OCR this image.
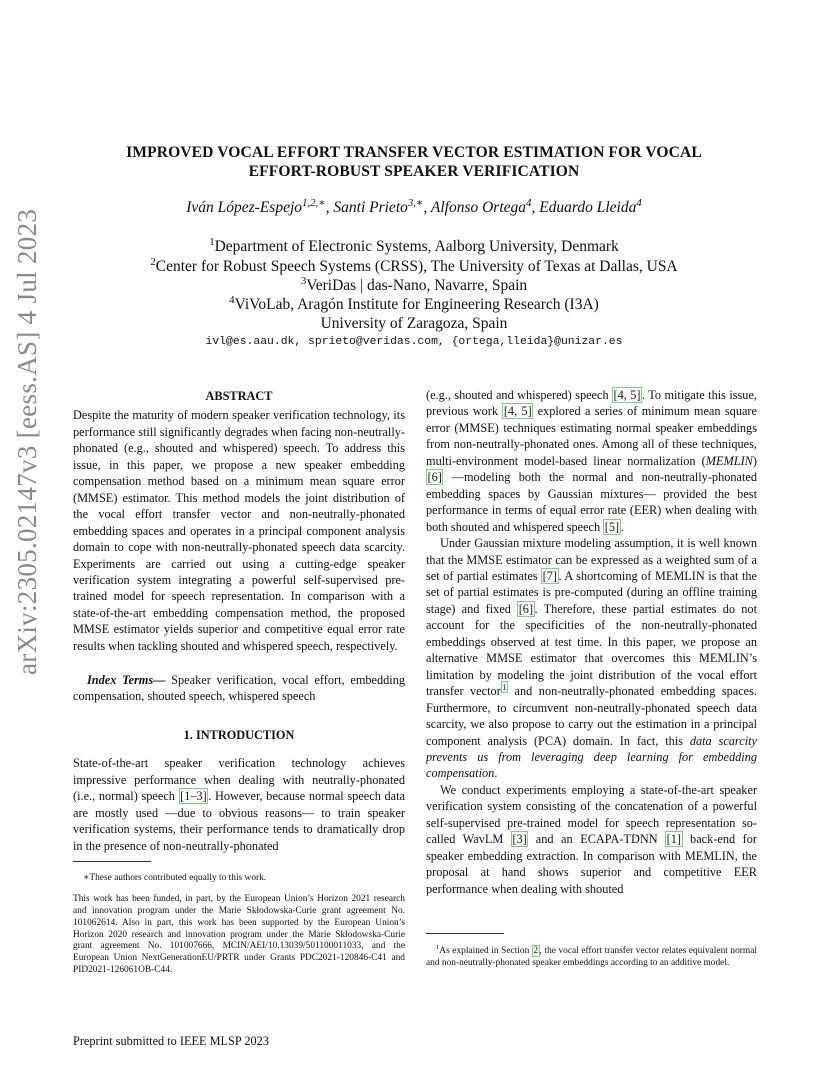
arXiv:2305.02147v3 [eess.AS] 4 Jul 2023
IMPROVED VOCAL EFFORT TRANSFER VECTOR ESTIMATION FOR VOCAL
EFFORT-ROBUST SPEAKER VERIFICATION
Iván López-Espejo$^{1,2,∗}$, Santi Prieto$^{3,∗}$, Alfonso Ortega$^4$, Eduardo Lleida$^4$
$^1$Department of Electronic Systems, Aalborg University, Denmark
$^2$Center for Robust Speech Systems (CRSS), The University of Texas at Dallas, USA
$^3$VeriDas | das-Nano, Navarre, Spain
$^4$ViVoLab, Aragón Institute for Engineering Research (I3A)
University of Zaragoza, Spain
ivl@es.aau.dk, sprieto@veridas.com, {ortega,lleida}@unizar.es
ABSTRACT

Despite the maturity of modern speaker verification technology, its performance still significantly degrades when facing non-neutrally-phonated (e.g., shouted and whispered) speech. To address this issue, in this paper, we propose a new speaker embedding compensation method based on a minimum mean square error (MMSE) estimator. This method models the joint distribution of the vocal effort transfer vector and non-neutrally-phonated embedding spaces and operates in a principal component analysis domain to cope with non-neutrally-phonated speech data scarcity. Experiments are carried out using a cutting-edge speaker verification system integrating a powerful self-supervised pre-trained model for speech representation. In comparison with a state-of-the-art embedding compensation method, the proposed MMSE estimator yields superior and competitive equal error rate results when tackling shouted and whispered speech, respectively.

Index Terms— Speaker verification, vocal effort, embedding compensation, shouted speech, whispered speech

1. INTRODUCTION

State-of-the-art speaker verification technology achieves impressive performance when dealing with neutrally-phonated (i.e., normal) speech [1–3] . However, because normal speech data are mostly used —due to obvious reasons— to train speaker verification systems, their performance tends to dramatically drop in the presence of non-neutrally-phonated

∗These authors contributed equally to this work.

This work has been funded, in part, by the European Union’s Horizon 2021 research and innovation program under the Marie Skłodowska-Curie grant agreement No. 101062614. Also in part, this work has been supported by the European Union’s Horizon 2020 research and innovation program under the Marie Skłodowska-Curie grant agreement No. 101007666, MCIN/AEI/10.13039/501100011033, and the European Union NextGenerationEU/PRTR under Grants PDC2021-120846-C41 and PID2021-126061OB-C44.

Preprint submitted to IEEE MLSP 2023

(e.g., shouted and whispered) speech [4, 5] . To mitigate this issue, previous work [4, 5] explored a series of minimum mean square error (MMSE) techniques estimating normal speaker embeddings from non-neutrally-phonated ones. Among all of these techniques, multi-environment model-based linear normalization (MEMLIN) [6] —modeling both the normal and non-neutrally-phonated embedding spaces by Gaussian mixtures— provided the best performance in terms of equal error rate (EER) when dealing with both shouted and whispered speech [5] .

Under Gaussian mixture modeling assumption, it is well known that the MMSE estimator can be expressed as a weighted sum of a set of partial estimates [7] . A shortcoming of MEMLIN is that the set of partial estimates is pre-computed (during an offline training stage) and fixed [6] . Therefore, these partial estimates do not account for the specificities of the non-neutrally-phonated embeddings observed at test time. In this paper, we propose an alternative MMSE estimator that overcomes this MEMLIN’s limitation by modeling the joint distribution of the vocal effort transfer vector $^1$ and non-neutrally-phonated embedding spaces. Furthermore, to circumvent non-neutrally-phonated speech data scarcity, we also propose to carry out the estimation in a principal component analysis (PCA) domain. In fact, this data scarcity prevents us from leveraging deep learning for embedding compensation.

We conduct experiments employing a state-of-the-art speaker verification system consisting of the concatenation of a powerful self-supervised pre-trained model for speech representation so-called WavLM [3] and an ECAPA-TDNN [1] back-end for speaker embedding extraction. In comparison with MEMLIN, the proposal at hand shows superior and competitive EER performance when dealing with shouted

$^1$As explained in Section 2 , the vocal effort transfer vector relates equivalent normal and non-neutrally-phonated speaker embeddings according to an additive model.
